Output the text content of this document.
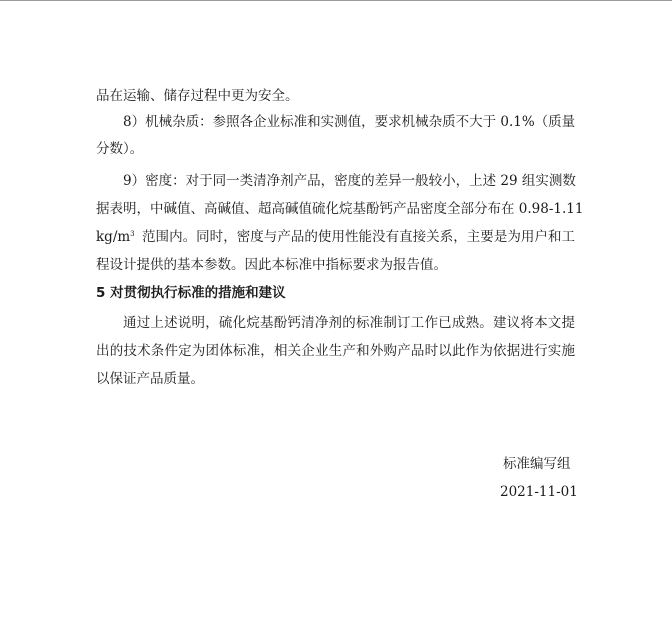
品在运输、储存过程中更为安全。
8）机械杂质：参照各企业标准和实测值，要求机械杂质不大于 0.1%（质量
分数）。
9）密度：对于同一类清净剂产品，密度的差异一般较小，上述 29 组实测数
据表明，中碱值、高碱值、超高碱值硫化烷基酚钙产品密度全部分布在 0.98-1.11
$kg/m^3$ 范围内。同时，密度与产品的使用性能没有直接关系，主要是为用户和工
程设计提供的基本参数。因此本标准中指标要求为报告值。
5 对贯彻执行标准的措施和建议
通过上述说明，硫化烷基酚钙清净剂的标准制订工作已成熟。建议将本文提
出的技术条件定为团体标准，相关企业生产和外购产品时以此作为依据进行实施
以保证产品质量。
标准编写组
2021-11-01
